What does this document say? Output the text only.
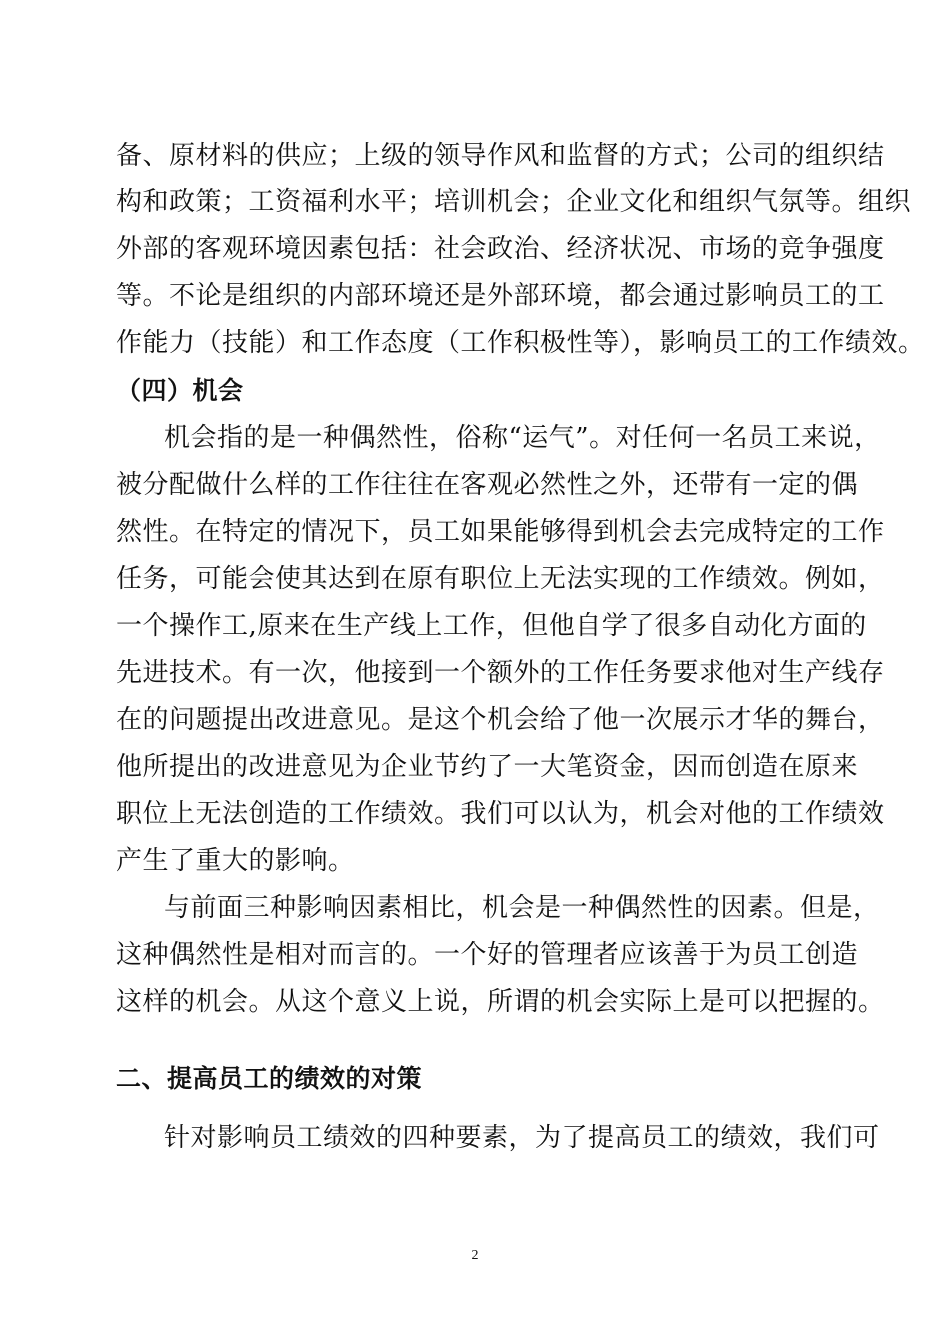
备、原材料的供应；上级的领导作风和监督的方式；公司的组织结
构和政策；工资福利水平；培训机会；企业文化和组织气氛等。组织
外部的客观环境因素包括：社会政治、经济状况、市场的竞争强度
等。不论是组织的内部环境还是外部环境，都会通过影响员工的工
作能力（技能）和工作态度（工作积极性等），影响员工的工作绩效。
（四）机会
机会指的是一种偶然性，俗称“运气”。对任何一名员工来说，
被分配做什么样的工作往往在客观必然性之外，还带有一定的偶
然性。在特定的情况下，员工如果能够得到机会去完成特定的工作
任务，可能会使其达到在原有职位上无法实现的工作绩效。例如，
一个操作工,原来在生产线上工作，但他自学了很多自动化方面的
先进技术。有一次，他接到一个额外的工作任务要求他对生产线存
在的问题提出改进意见。是这个机会给了他一次展示才华的舞台，
他所提出的改进意见为企业节约了一大笔资金，因而创造在原来
职位上无法创造的工作绩效。我们可以认为，机会对他的工作绩效
产生了重大的影响。
与前面三种影响因素相比，机会是一种偶然性的因素。但是，
这种偶然性是相对而言的。一个好的管理者应该善于为员工创造
这样的机会。从这个意义上说，所谓的机会实际上是可以把握的。
二、提高员工的绩效的对策
针对影响员工绩效的四种要素，为了提高员工的绩效，我们可
2
